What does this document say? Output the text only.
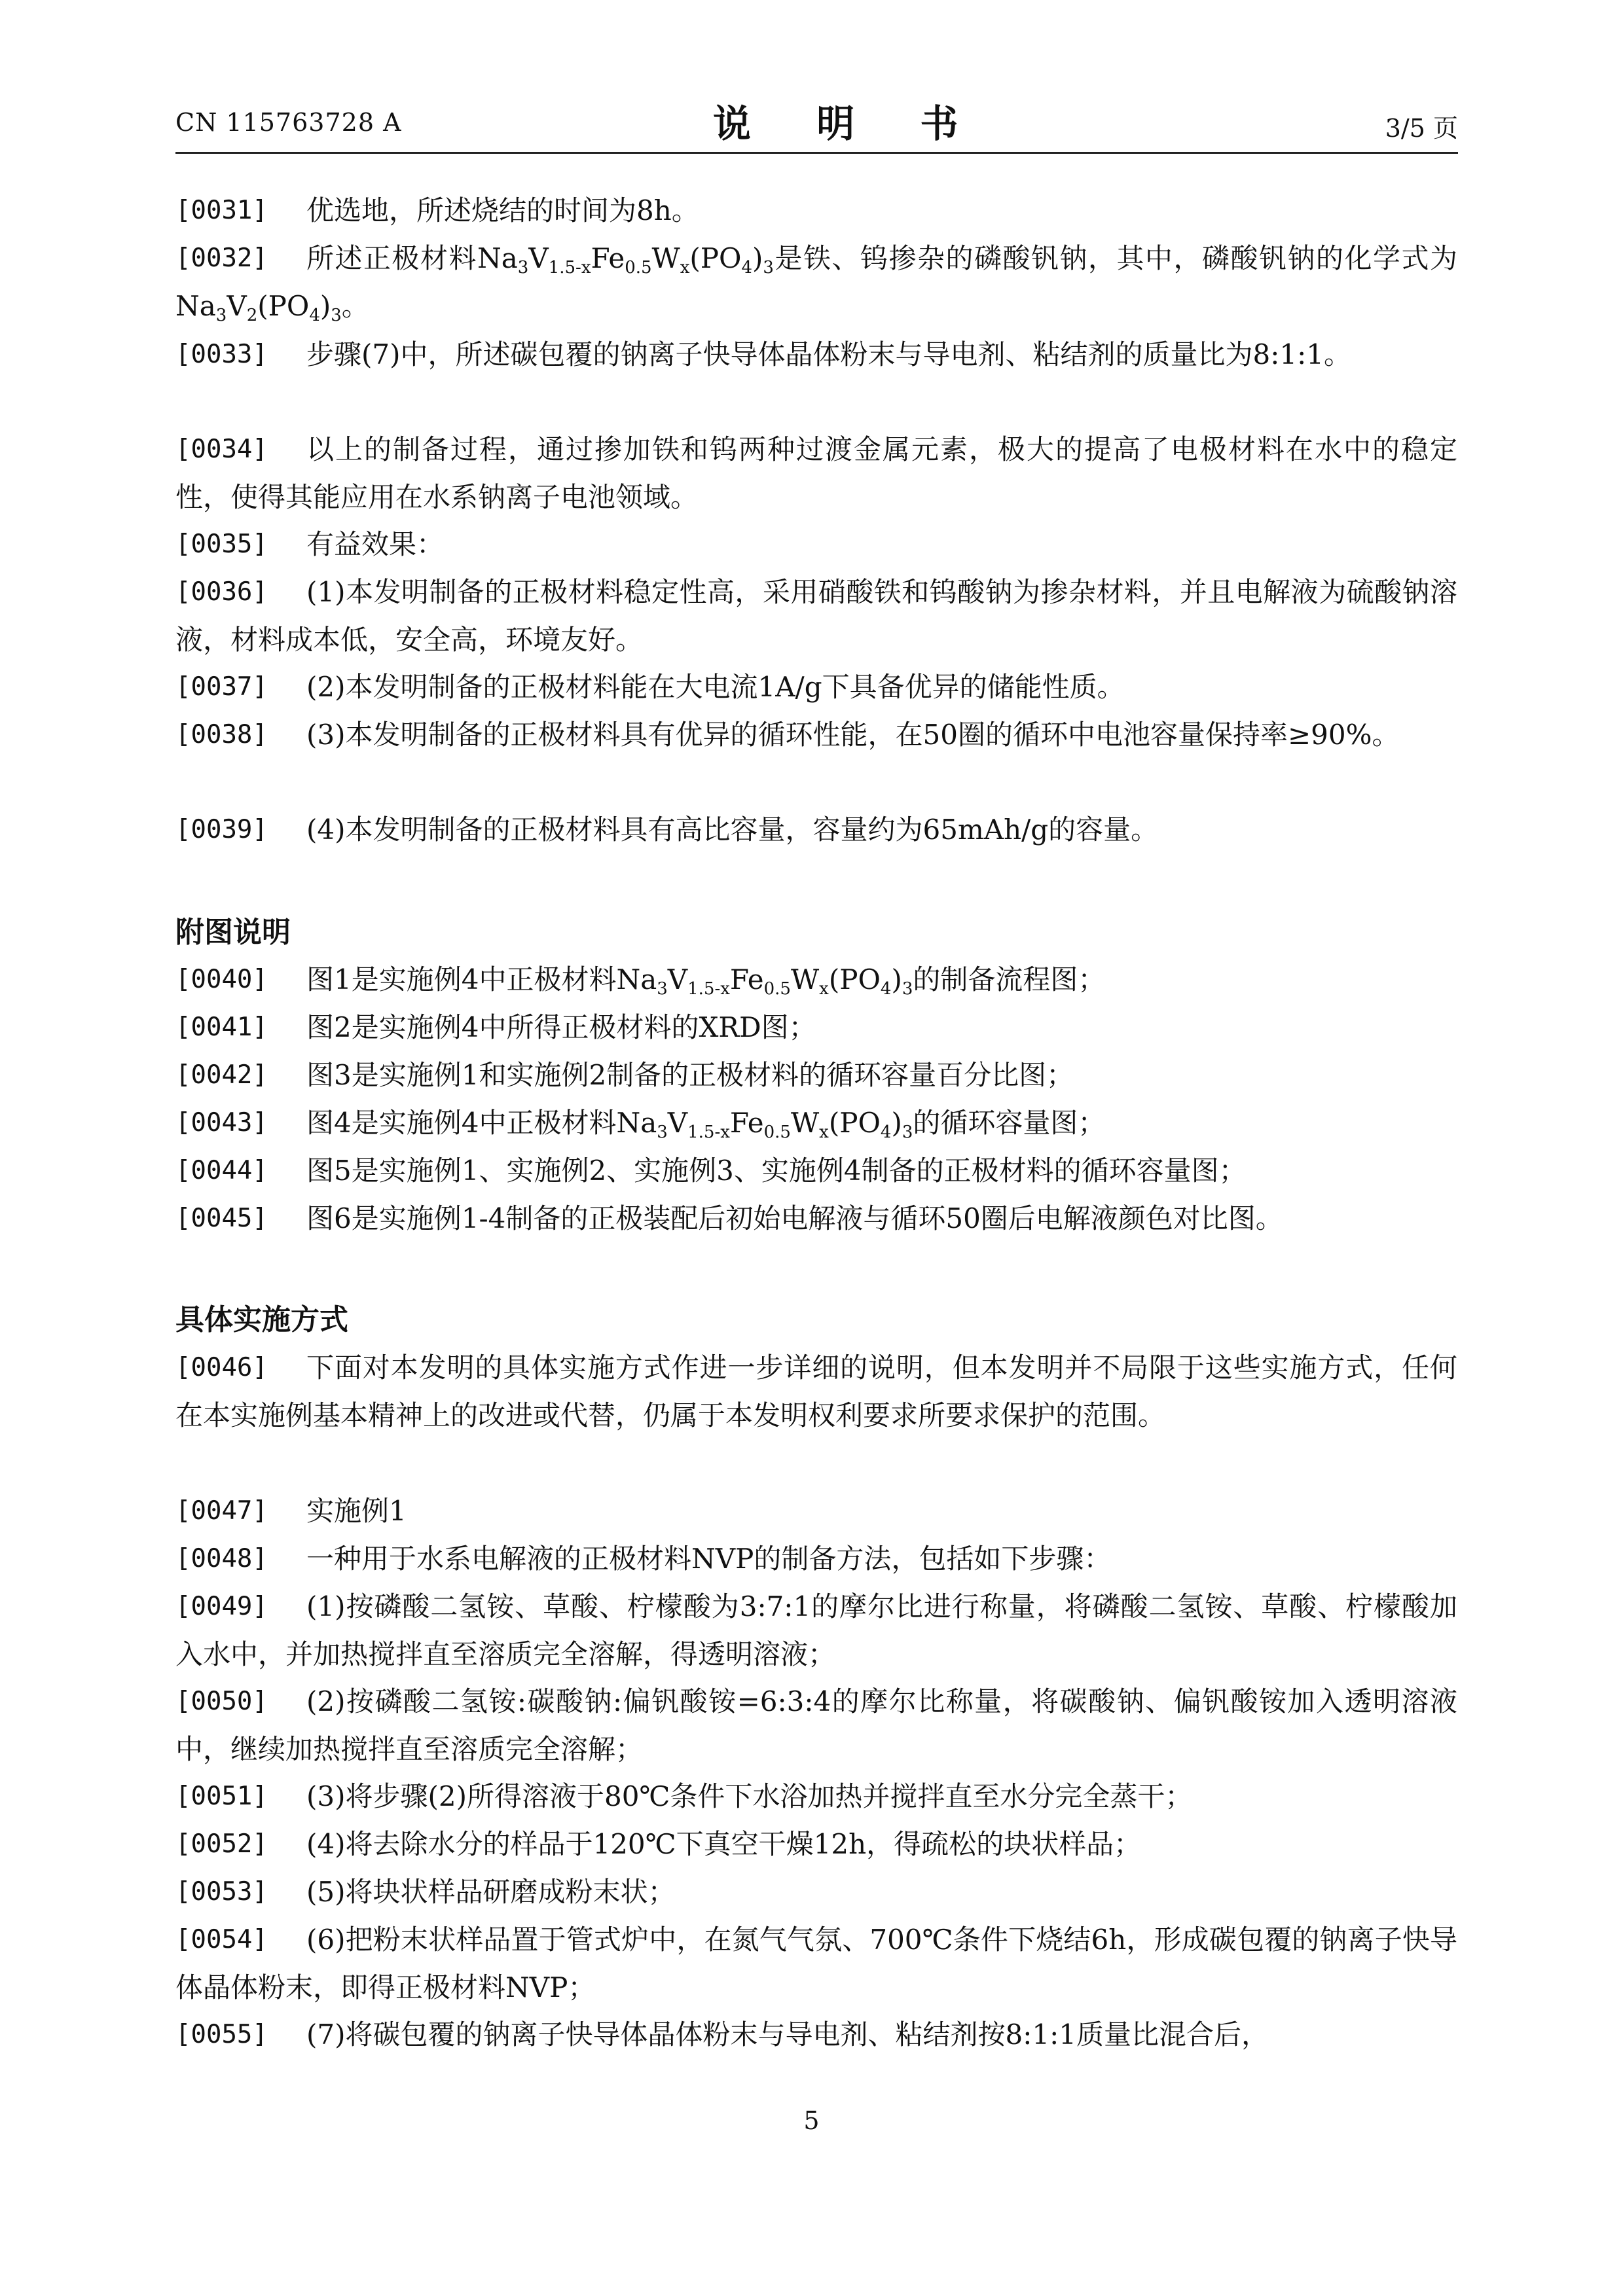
CN 115763728 A	说 明 书	3/5 页
[0031]	优选地，所述烧结的时间为8h。
[0032]	所述正极材料$Na_3V_{1.5-x}Fe_{0.5}W_x(PO_4)_3$是铁、钨掺杂的磷酸钒钠，其中，磷酸钒钠的化学式为$Na_3V_2(PO_4)_3$。
[0033]	步骤(7)中，所述碳包覆的钠离子快导体晶体粉末与导电剂、粘结剂的质量比为8:1:1。
[0034]	以上的制备过程，通过掺加铁和钨两种过渡金属元素，极大的提高了电极材料在水中的稳定性，使得其能应用在水系钠离子电池领域。
[0035]	有益效果：
[0036]	(1)本发明制备的正极材料稳定性高，采用硝酸铁和钨酸钠为掺杂材料，并且电解液为硫酸钠溶液，材料成本低，安全高，环境友好。
[0037]	(2)本发明制备的正极材料能在大电流1A/g下具备优异的储能性质。
[0038]	(3)本发明制备的正极材料具有优异的循环性能，在50圈的循环中电池容量保持率≥90%。
[0039]	(4)本发明制备的正极材料具有高比容量，容量约为65mAh/g的容量。
附图说明
[0040]	图1是实施例4中正极材料$Na_3V_{1.5-x}Fe_{0.5}W_x(PO_4)_3$的制备流程图；
[0041]	图2是实施例4中所得正极材料的XRD图；
[0042]	图3是实施例1和实施例2制备的正极材料的循环容量百分比图；
[0043]	图4是实施例4中正极材料$Na_3V_{1.5-x}Fe_{0.5}W_x(PO_4)_3$的循环容量图；
[0044]	图5是实施例1、实施例2、实施例3、实施例4制备的正极材料的循环容量图；
[0045]	图6是实施例1-4制备的正极装配后初始电解液与循环50圈后电解液颜色对比图。
具体实施方式
[0046]	下面对本发明的具体实施方式作进一步详细的说明，但本发明并不局限于这些实施方式，任何在本实施例基本精神上的改进或代替，仍属于本发明权利要求所要求保护的范围。
[0047]	实施例1
[0048]	一种用于水系电解液的正极材料NVP的制备方法，包括如下步骤：
[0049]	(1)按磷酸二氢铵、草酸、柠檬酸为3:7:1的摩尔比进行称量，将磷酸二氢铵、草酸、柠檬酸加入水中，并加热搅拌直至溶质完全溶解，得透明溶液；
[0050]	(2)按磷酸二氢铵:碳酸钠:偏钒酸铵=6:3:4的摩尔比称量，将碳酸钠、偏钒酸铵加入透明溶液中，继续加热搅拌直至溶质完全溶解；
[0051]	(3)将步骤(2)所得溶液于80℃条件下水浴加热并搅拌直至水分完全蒸干；
[0052]	(4)将去除水分的样品于120℃下真空干燥12h，得疏松的块状样品；
[0053]	(5)将块状样品研磨成粉末状；
[0054]	(6)把粉末状样品置于管式炉中，在氮气气氛、700℃条件下烧结6h，形成碳包覆的钠离子快导体晶体粉末，即得正极材料NVP；
[0055]	(7)将碳包覆的钠离子快导体晶体粉末与导电剂、粘结剂按8:1:1质量比混合后，
5
